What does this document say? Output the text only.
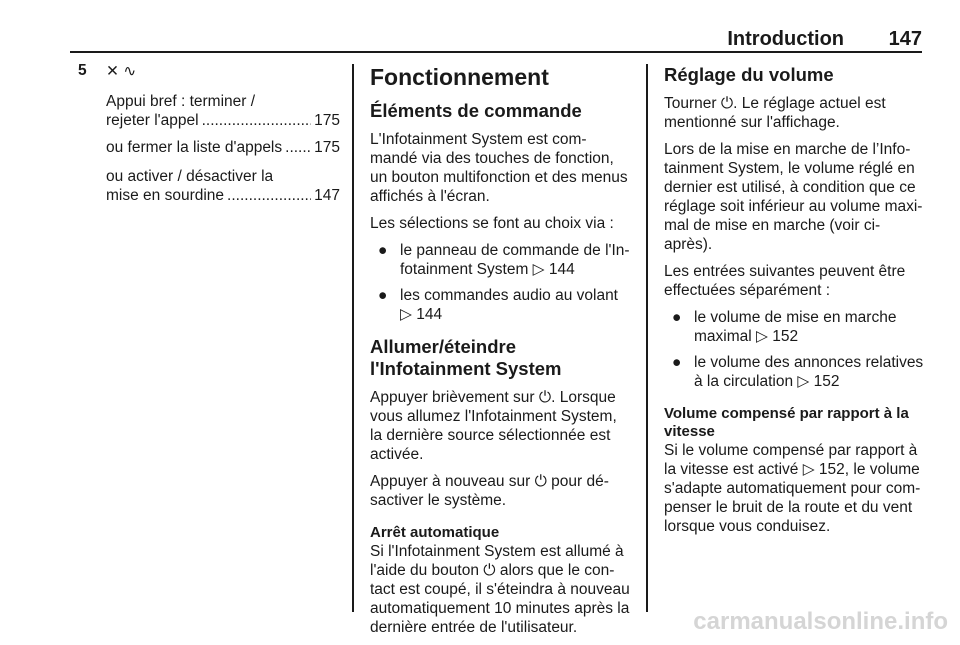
Introduction 147
5	✕ ∿
Appui bref : terminer /
rejeter l'appel .....	175
ou fermer la liste d'appels ..... 175
ou activer / désactiver la
mise en sourdine .....	147
Fonctionnement
Éléments de commande
L'Infotainment System est com- mandé via des touches de fonction, un bouton multifonction et des menus affichés à l'écran.
Les sélections se font au choix via :
● le panneau de commande de l'In- fotainment System ▷ 144
● les commandes audio au volant ▷ 144
Allumer/éteindre l'Infotainment System
Appuyer brièvement sur ⏻. Lorsque vous allumez l'Infotainment System, la dernière source sélectionnée est activée.
Appuyer à nouveau sur ⏻ pour dé- sactiver le système.
Arrêt automatique
Si l'Infotainment System est allumé à l'aide du bouton ⏻ alors que le con- tact est coupé, il s'éteindra à nouveau automatiquement 10 minutes après la dernière entrée de l'utilisateur.
Réglage du volume
Tourner ⏻. Le réglage actuel est mentionné sur l'affichage.
Lors de la mise en marche de l’Info- tainment System, le volume réglé en dernier est utilisé, à condition que ce réglage soit inférieur au volume maxi- mal de mise en marche (voir ci- après).
Les entrées suivantes peuvent être effectuées séparément :
● le volume de mise en marche maximal ▷ 152
● le volume des annonces relatives à la circulation ▷ 152
Volume compensé par rapport à la vitesse
Si le volume compensé par rapport à la vitesse est activé ▷ 152, le volume s'adapte automatiquement pour com- penser le bruit de la route et du vent lorsque vous conduisez.
carmanualsonline.info
